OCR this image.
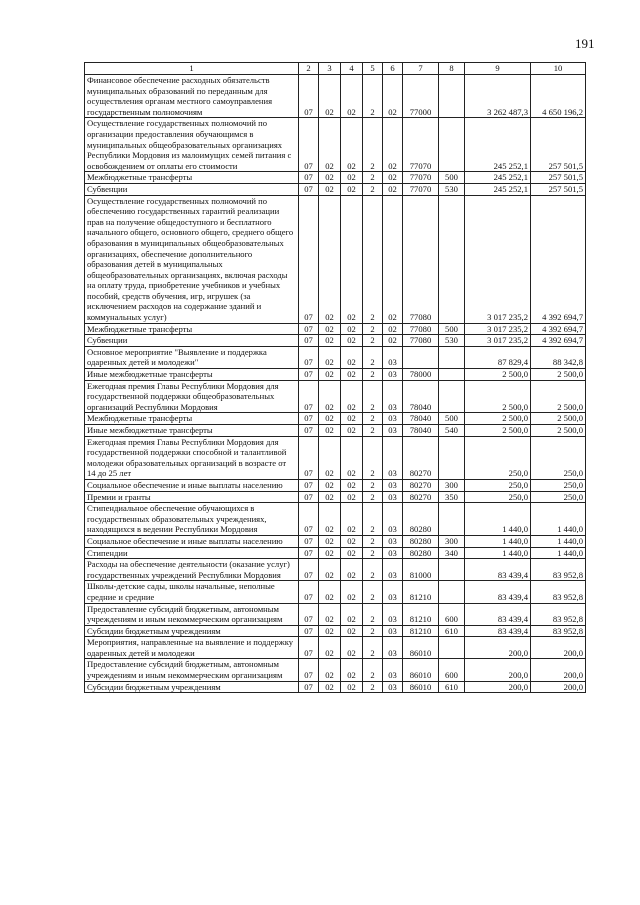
191
1	2	3	4	5	6	7	8	9	10
Финансовое обеспечение расходных обязательств муниципальных образований по переданным для осуществления органам местного самоуправления государственным полномочиям	07	02	02	2	02	77000		3 262 487,3	4 650 196,2
Осуществление государственных полномочий по организации предоставления обучающимся в муниципальных общеобразовательных организациях Республики Мордовия из малоимущих семей питания с освобождением от оплаты его стоимости	07	02	02	2	02	77070		245 252,1	257 501,5
Межбюджетные трансферты	07	02	02	2	02	77070	500	245 252,1	257 501,5
Субвенции	07	02	02	2	02	77070	530	245 252,1	257 501,5
Осуществление государственных полномочий по обеспечению государственных гарантий реализации прав на получение общедоступного и бесплатного начального общего, основного общего, среднего общего образования в муниципальных общеобразовательных организациях, обеспечение дополнительного образования детей в муниципальных общеобразовательных организациях, включая расходы на оплату труда, приобретение учебников и учебных пособий, средств обучения, игр, игрушек (за исключением расходов на содержание зданий и коммунальных услуг)	07	02	02	2	02	77080		3 017 235,2	4 392 694,7
Межбюджетные трансферты	07	02	02	2	02	77080	500	3 017 235,2	4 392 694,7
Субвенции	07	02	02	2	02	77080	530	3 017 235,2	4 392 694,7
Основное мероприятие "Выявление и поддержка одаренных детей и молодежи"	07	02	02	2	03			87 829,4	88 342,8
Иные межбюджетные трансферты	07	02	02	2	03	78000		2 500,0	2 500,0
Ежегодная премия Главы Республики Мордовия для государственной поддержки общеобразовательных организаций Республики Мордовия	07	02	02	2	03	78040		2 500,0	2 500,0
Межбюджетные трансферты	07	02	02	2	03	78040	500	2 500,0	2 500,0
Иные межбюджетные трансферты	07	02	02	2	03	78040	540	2 500,0	2 500,0
Ежегодная премия Главы Республики Мордовия для государственной поддержки способной и талантливой молодежи образовательных организаций в возрасте от 14 до 25 лет	07	02	02	2	03	80270		250,0	250,0
Социальное обеспечение и иные выплаты населению	07	02	02	2	03	80270	300	250,0	250,0
Премии и гранты	07	02	02	2	03	80270	350	250,0	250,0
Стипендиальное обеспечение обучающихся в государственных образовательных учреждениях, находящихся в ведении Республики Мордовия	07	02	02	2	03	80280		1 440,0	1 440,0
Социальное обеспечение и иные выплаты населению	07	02	02	2	03	80280	300	1 440,0	1 440,0
Стипендии	07	02	02	2	03	80280	340	1 440,0	1 440,0
Расходы на обеспечение деятельности (оказание услуг) государственных учреждений Республики Мордовия	07	02	02	2	03	81000		83 439,4	83 952,8
Школы-детские сады, школы начальные, неполные средние и средние	07	02	02	2	03	81210		83 439,4	83 952,8
Предоставление субсидий бюджетным, автономным учреждениям и иным некоммерческим организациям	07	02	02	2	03	81210	600	83 439,4	83 952,8
Субсидии бюджетным учреждениям	07	02	02	2	03	81210	610	83 439,4	83 952,8
Мероприятия, направленные на выявление и поддержку одаренных детей и молодежи	07	02	02	2	03	86010		200,0	200,0
Предоставление субсидий бюджетным, автономным учреждениям и иным некоммерческим организациям	07	02	02	2	03	86010	600	200,0	200,0
Субсидии бюджетным учреждениям	07	02	02	2	03	86010	610	200,0	200,0
